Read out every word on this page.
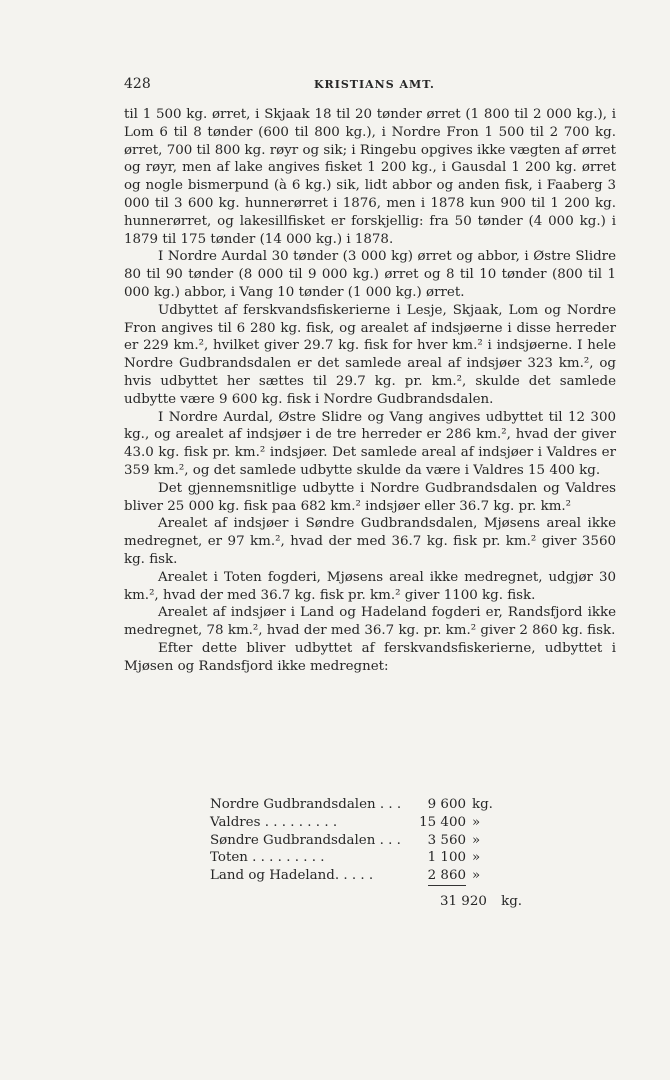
428	KRISTIANS AMT.

til 1 500 kg. ørret, i Skjaak 18 til 20 tønder ørret (1 800 til 2 000 kg.), i Lom 6 til 8 tønder (600 til 800 kg.), i Nordre Fron 1 500 til 2 700 kg. ørret, 700 til 800 kg. røyr og sik; i Ringebu opgives ikke vægten af ørret og røyr, men af lake angives fisket 1 200 kg., i Gausdal 1 200 kg. ørret og nogle bismerpund (à 6 kg.) sik, lidt abbor og anden fisk, i Faaberg 3 000 til 3 600 kg. hunnerørret i 1876, men i 1878 kun 900 til 1 200 kg. hunnerørret, og lakesillfisket er forskjellig: fra 50 tønder (4 000 kg.) i 1879 til 175 tønder (14 000 kg.) i 1878.

I Nordre Aurdal 30 tønder (3 000 kg) ørret og abbor, i Østre Slidre 80 til 90 tønder (8 000 til 9 000 kg.) ørret og 8 til 10 tønder (800 til 1 000 kg.) abbor, i Vang 10 tønder (1 000 kg.) ørret.

Udbyttet af ferskvandsfiskerierne i Lesje, Skjaak, Lom og Nordre Fron angives til 6 280 kg. fisk, og arealet af indsjøerne i disse herreder er 229 km.², hvilket giver 29.7 kg. fisk for hver km.² i indsjøerne. I hele Nordre Gudbrandsdalen er det samlede areal af indsjøer 323 km.², og hvis udbyttet her sættes til 29.7 kg. pr. km.², skulde det samlede udbytte være 9 600 kg. fisk i Nordre Gudbrandsdalen.

I Nordre Aurdal, Østre Slidre og Vang angives udbyttet til 12 300 kg., og arealet af indsjøer i de tre herreder er 286 km.², hvad der giver 43.0 kg. fisk pr. km.² indsjøer. Det samlede areal af indsjøer i Valdres er 359 km.², og det samlede udbytte skulde da være i Valdres 15 400 kg.

Det gjennemsnitlige udbytte i Nordre Gudbrandsdalen og Valdres bliver 25 000 kg. fisk paa 682 km.² indsjøer eller 36.7 kg. pr. km.²

Arealet af indsjøer i Søndre Gudbrandsdalen, Mjøsens areal ikke medregnet, er 97 km.², hvad der med 36.7 kg. fisk pr. km.² giver 3560 kg. fisk.

Arealet i Toten fogderi, Mjøsens areal ikke medregnet, udgjør 30 km.², hvad der med 36.7 kg. fisk pr. km.² giver 1100 kg. fisk.

Arealet af indsjøer i Land og Hadeland fogderi er, Randsfjord ikke medregnet, 78 km.², hvad der med 36.7 kg. pr. km.² giver 2 860 kg. fisk.

Efter dette bliver udbyttet af ferskvandsfiskerierne, udbyttet i Mjøsen og Randsfjord ikke medregnet:

Nordre Gudbrandsdalen . . . 9 600 kg.
Valdres . . . . . . . . .	15 400 »
Søndre Gudbrandsdalen . . . 3 560 »
Toten . . . . . . . . .	1 100 »
Land og Hadeland. . . . .	2 860 »
31 920 kg.
